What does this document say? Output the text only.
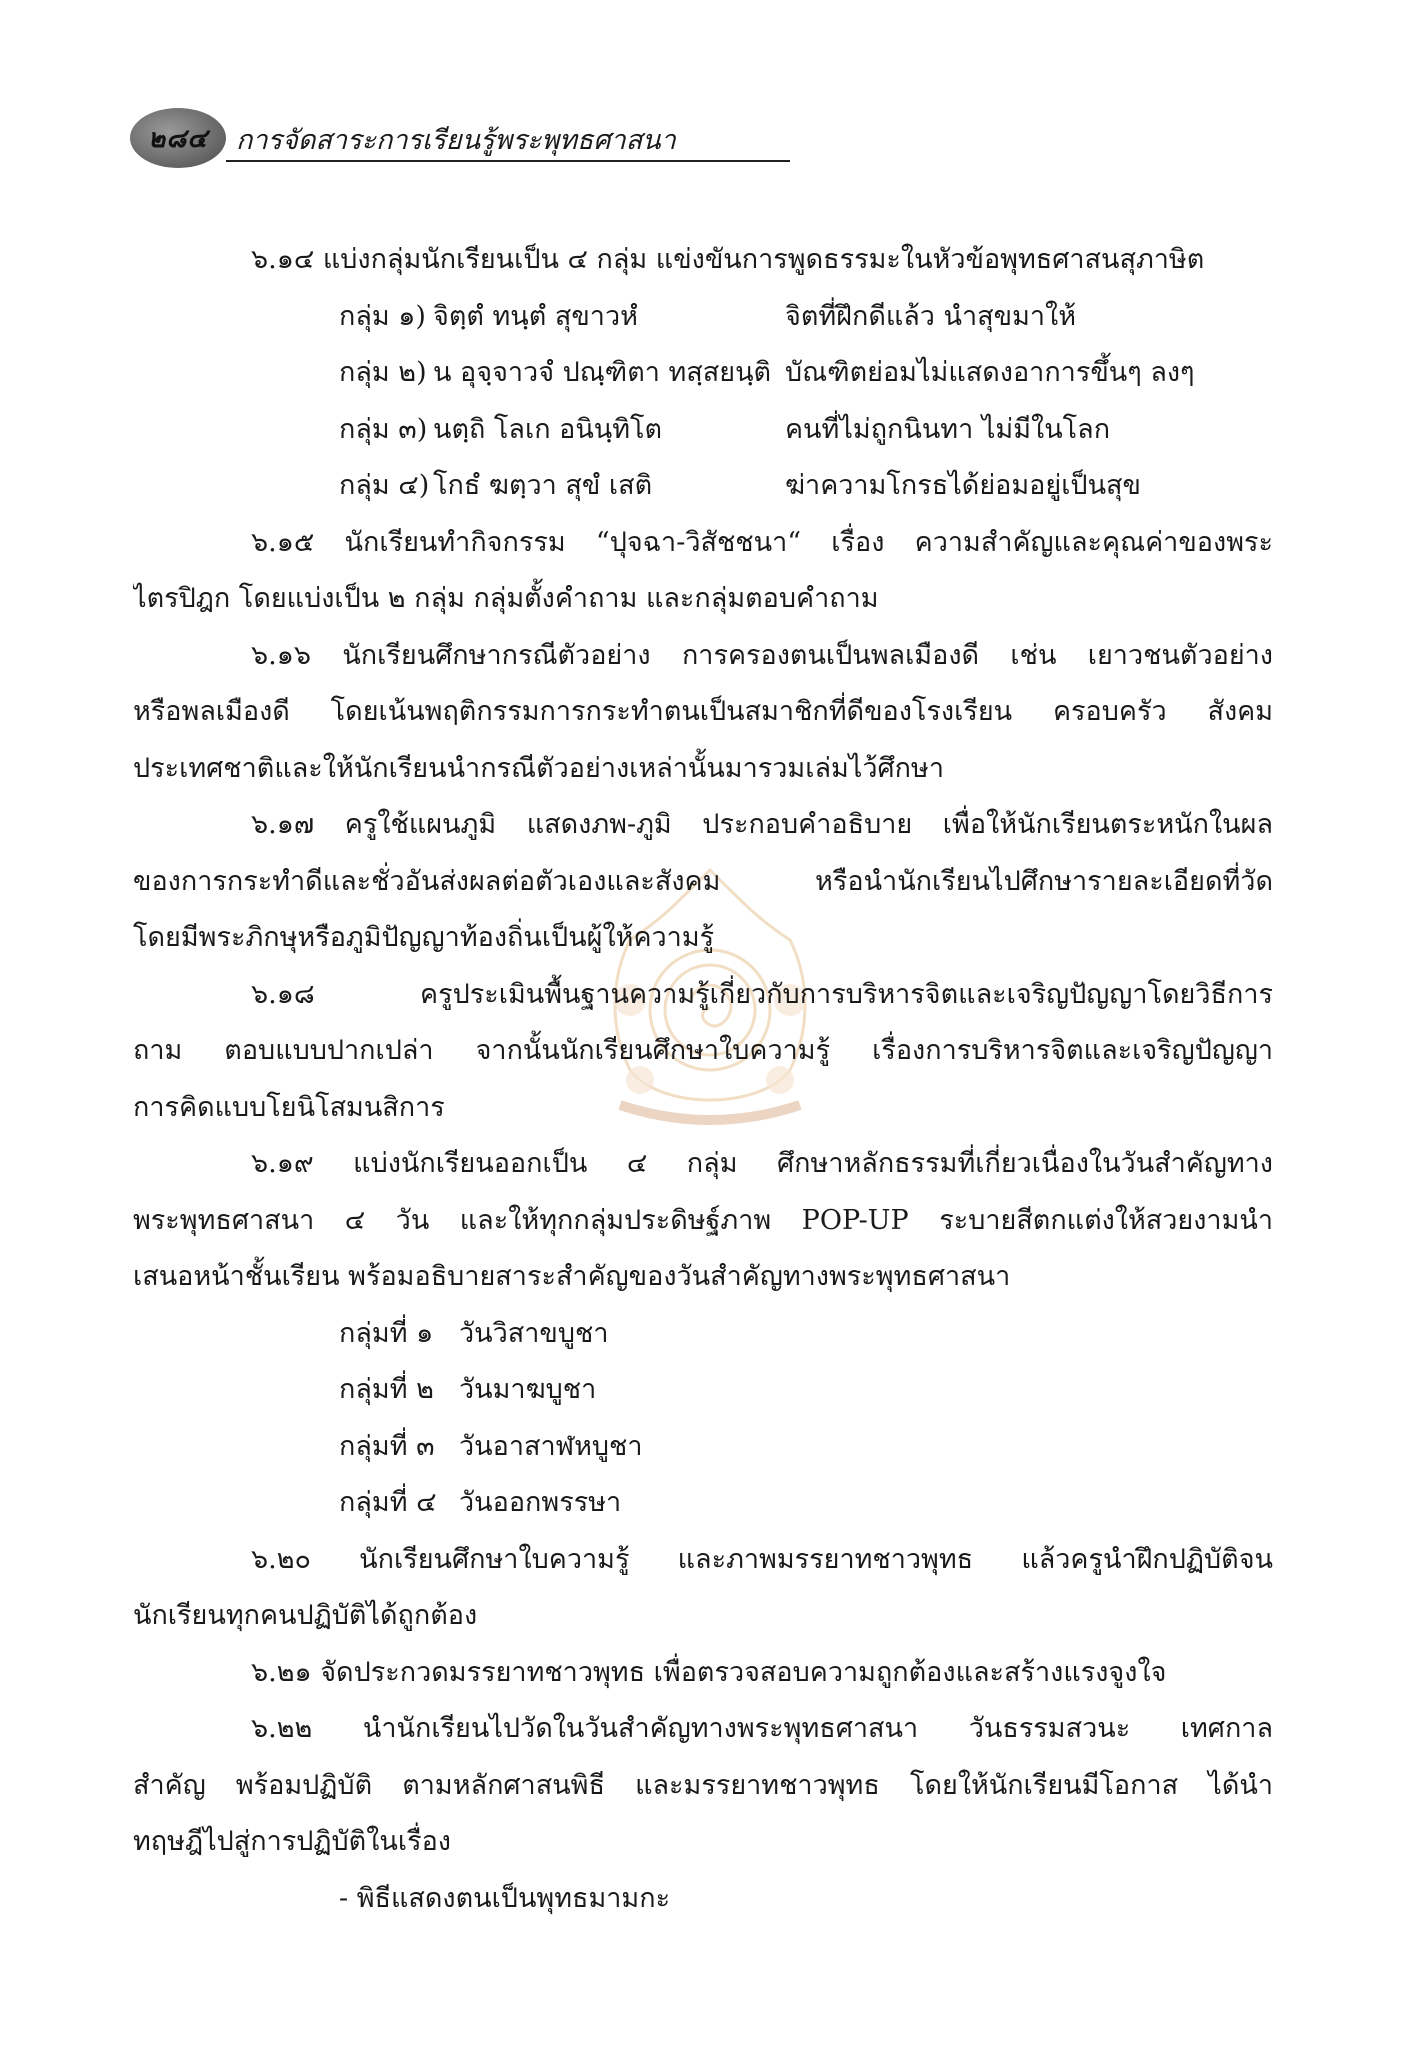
๒๘๔	การจัดสาระการเรียนรู้พระพุทธศาสนา
๖.๑๔ แบ่งกลุ่มนักเรียนเป็น ๔ กลุ่ม แข่งขันการพูดธรรมะในหัวข้อพุทธศาสนสุภาษิต
กลุ่ม ๑) จิตฺตํ ทนฺตํ สุขาวหํ	จิตที่ฝึกดีแล้ว นำสุขมาให้
กลุ่ม ๒) น อุจฺจาวจํ ปณฺฑิตา ทสฺสยนฺติ บัณฑิตย่อมไม่แสดงอาการขึ้นๆ ลงๆ
กลุ่ม ๓) นตฺถิ โลเก อนินฺทิโต	คนที่ไม่ถูกนินทา ไม่มีในโลก
กลุ่ม ๔) โกธํ ฆตฺวา สุขํ เสติ	ฆ่าความโกรธได้ย่อมอยู่เป็นสุข
๖.๑๕ นักเรียนทำกิจกรรม “ปุจฉา-วิสัชชนา“ เรื่อง ความสำคัญและคุณค่าของพระ
ไตรปิฎก โดยแบ่งเป็น ๒ กลุ่ม กลุ่มตั้งคำถาม และกลุ่มตอบคำถาม
๖.๑๖ นักเรียนศึกษากรณีตัวอย่าง การครองตนเป็นพลเมืองดี เช่น เยาวชนตัวอย่าง
หรือพลเมืองดี โดยเน้นพฤติกรรมการกระทำตนเป็นสมาชิกที่ดีของโรงเรียน ครอบครัว สังคม
ประเทศชาติและให้นักเรียนนำกรณีตัวอย่างเหล่านั้นมารวมเล่มไว้ศึกษา
๖.๑๗ ครูใช้แผนภูมิ แสดงภพ-ภูมิ ประกอบคำอธิบาย เพื่อให้นักเรียนตระหนักในผล
ของการกระทำดีและชั่วอันส่งผลต่อตัวเองและสังคม หรือนำนักเรียนไปศึกษารายละเอียดที่วัด
โดยมีพระภิกษุหรือภูมิปัญญาท้องถิ่นเป็นผู้ให้ความรู้
๖.๑๘ ครูประเมินพื้นฐานความรู้เกี่ยวกับการบริหารจิตและเจริญปัญญาโดยวิธีการ
ถาม ตอบแบบปากเปล่า จากนั้นนักเรียนศึกษาใบความรู้ เรื่องการบริหารจิตและเจริญปัญญา
การคิดแบบโยนิโสมนสิการ
๖.๑๙ แบ่งนักเรียนออกเป็น ๔ กลุ่ม ศึกษาหลักธรรมที่เกี่ยวเนื่องในวันสำคัญทาง
พระพุทธศาสนา ๔ วัน และให้ทุกกลุ่มประดิษฐ์ภาพ POP-UP ระบายสีตกแต่งให้สวยงามนำ
เสนอหน้าชั้นเรียน พร้อมอธิบายสาระสำคัญของวันสำคัญทางพระพุทธศาสนา
กลุ่มที่ ๑ วันวิสาขบูชา
กลุ่มที่ ๒ วันมาฆบูชา
กลุ่มที่ ๓ วันอาสาฬหบูชา
กลุ่มที่ ๔ วันออกพรรษา
๖.๒๐ นักเรียนศึกษาใบความรู้ และภาพมรรยาทชาวพุทธ แล้วครูนำฝึกปฏิบัติจน
นักเรียนทุกคนปฏิบัติได้ถูกต้อง
๖.๒๑ จัดประกวดมรรยาทชาวพุทธ เพื่อตรวจสอบความถูกต้องและสร้างแรงจูงใจ
๖.๒๒ นำนักเรียนไปวัดในวันสำคัญทางพระพุทธศาสนา วันธรรมสวนะ เทศกาล
สำคัญ พร้อมปฏิบัติ ตามหลักศาสนพิธี และมรรยาทชาวพุทธ โดยให้นักเรียนมีโอกาส ได้นำ
ทฤษฎีไปสู่การปฏิบัติในเรื่อง
- พิธีแสดงตนเป็นพุทธมามกะ
